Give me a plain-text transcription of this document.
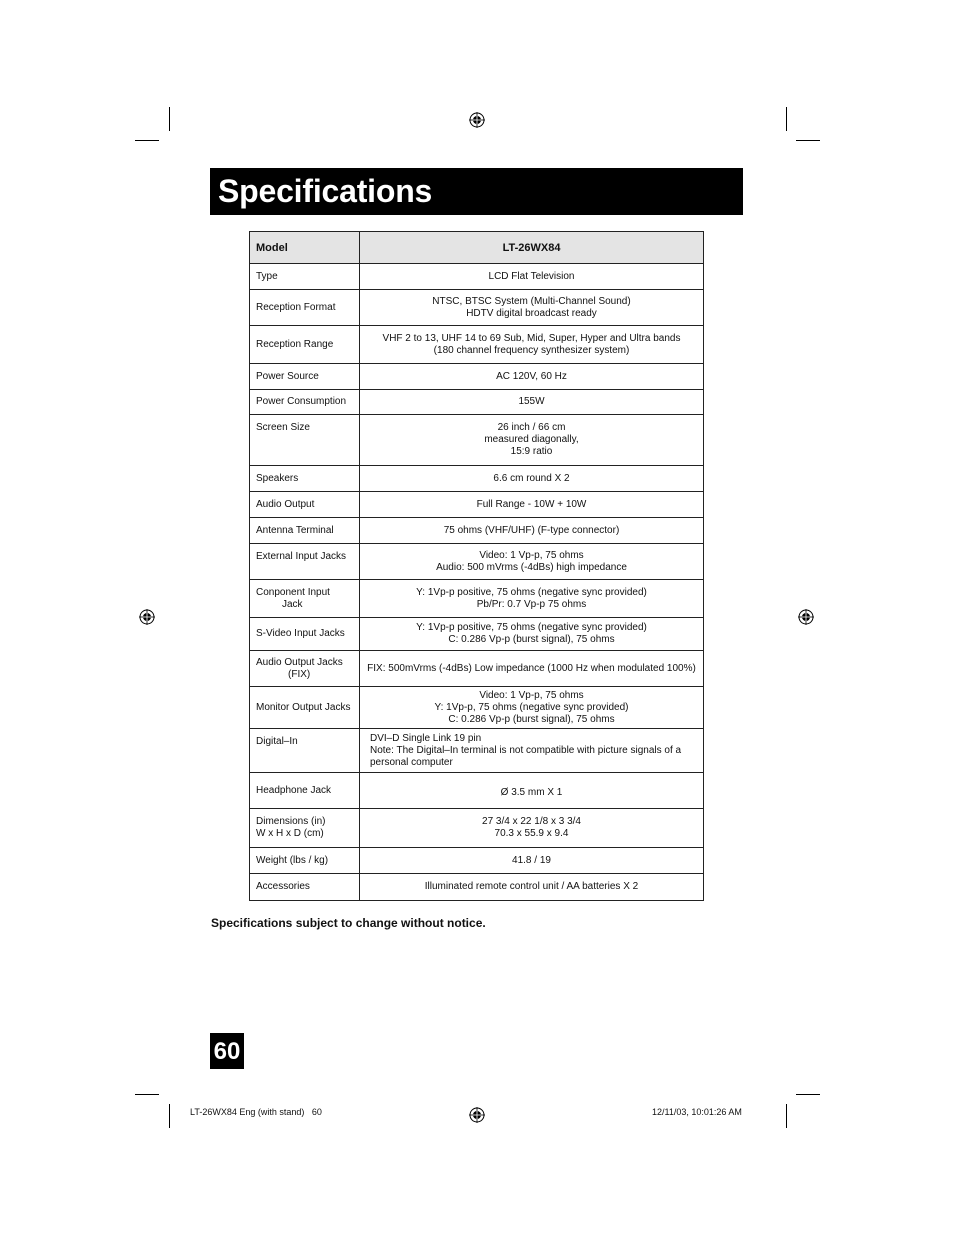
Specifications
Model	LT-26WX84
Type	LCD Flat Television
Reception Format	NTSC, BTSC System (Multi-Channel Sound)
HDTV digital broadcast ready
Reception Range	VHF 2 to 13, UHF 14 to 69 Sub, Mid, Super, Hyper and Ultra bands
(180 channel frequency synthesizer system)
Power Source	AC 120V, 60 Hz
Power Consumption	155W
Screen Size	26 inch / 66 cm
measured diagonally,
15:9 ratio
Speakers	6.6 cm round X 2
Audio Output	Full Range - 10W + 10W
Antenna Terminal	75 ohms (VHF/UHF) (F-type connector)
External Input Jacks	Video: 1 Vp-p, 75 ohms
Audio: 500 mVrms (-4dBs) high impedance
Conponent Input
Jack	Y: 1Vp-p positive, 75 ohms (negative sync provided)
Pb/Pr: 0.7 Vp-p 75 ohms
S-Video Input Jacks	Y: 1Vp-p positive, 75 ohms (negative sync provided)
C: 0.286 Vp-p (burst signal), 75 ohms
Audio Output Jacks
(FIX)	FIX: 500mVrms (-4dBs) Low impedance (1000 Hz when modulated 100%)
Monitor Output Jacks	Video: 1 Vp-p, 75 ohms
Y: 1Vp-p, 75 ohms (negative sync provided)
C: 0.286 Vp-p (burst signal), 75 ohms
Digital–In	DVI–D Single Link 19 pin
Note: The Digital–In terminal is not compatible with picture signals of a
personal computer
Headphone Jack	Ø 3.5 mm X 1
Dimensions (in)
W x H x D (cm)	27 3/4 x 22 1/8 x 3 3/4
70.3 x 55.9 x 9.4
Weight (lbs / kg)	41.8 / 19
Accessories	Illuminated remote control unit / AA batteries X 2
Specifications subject to change without notice.
60
LT-26WX84 Eng (with stand) 60	12/11/03, 10:01:26 AM
